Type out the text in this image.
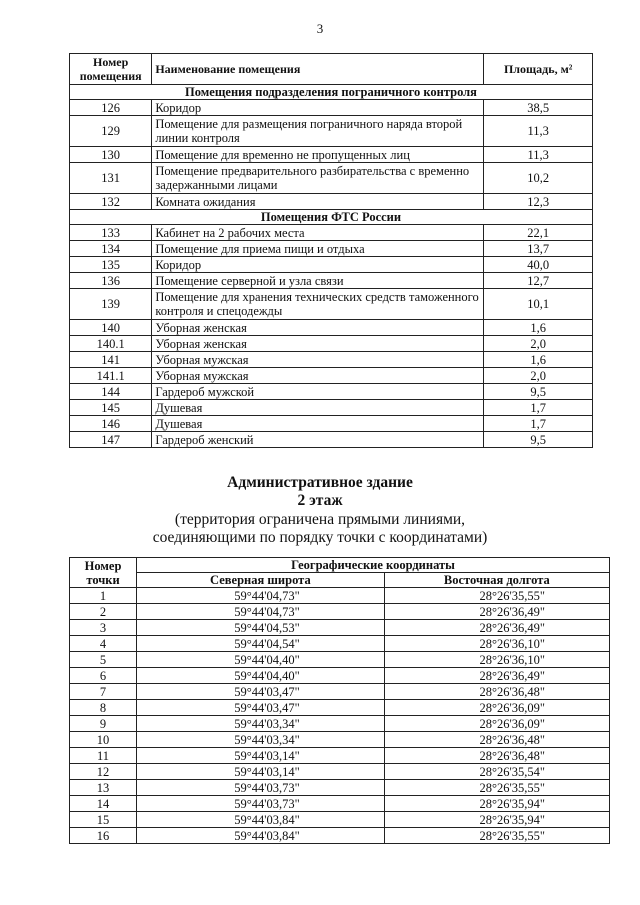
3
Номер помещения	Наименование помещения	Площадь, м²
Помещения подразделения пограничного контроля		
126	Коридор	38,5
129	Помещение для размещения пограничного наряда второй линии контроля	11,3
130	Помещение для временно не пропущенных лиц	11,3
131	Помещение предварительного разбирательства с временно задержанными лицами	10,2
132	Комната ожидания	12,3
Помещения ФТС России		
133	Кабинет на 2 рабочих места	22,1
134	Помещение для приема пищи и отдыха	13,7
135	Коридор	40,0
136	Помещение серверной и узла связи	12,7
139	Помещение для хранения технических средств таможенного контроля и спецодежды	10,1
140	Уборная женская	1,6
140.1	Уборная женская	2,0
141	Уборная мужская	1,6
141.1	Уборная мужская	2,0
144	Гардероб мужской	9,5
145	Душевая	1,7
146	Душевая	1,7
147	Гардероб женский	9,5
Административное здание
2 этаж
(территория ограничена прямыми линиями,
соединяющими по порядку точки с координатами)
Номер точки	Географические координаты	
	Северная широта	Восточная долгота
1	59°44'04,73"	28°26'35,55"
2	59°44'04,73"	28°26'36,49"
3	59°44'04,53"	28°26'36,49"
4	59°44'04,54"	28°26'36,10"
5	59°44'04,40"	28°26'36,10"
6	59°44'04,40"	28°26'36,49"
7	59°44'03,47"	28°26'36,48"
8	59°44'03,47"	28°26'36,09"
9	59°44'03,34"	28°26'36,09"
10	59°44'03,34"	28°26'36,48"
11	59°44'03,14"	28°26'36,48"
12	59°44'03,14"	28°26'35,54"
13	59°44'03,73"	28°26'35,55"
14	59°44'03,73"	28°26'35,94"
15	59°44'03,84"	28°26'35,94"
16	59°44'03,84"	28°26'35,55"
